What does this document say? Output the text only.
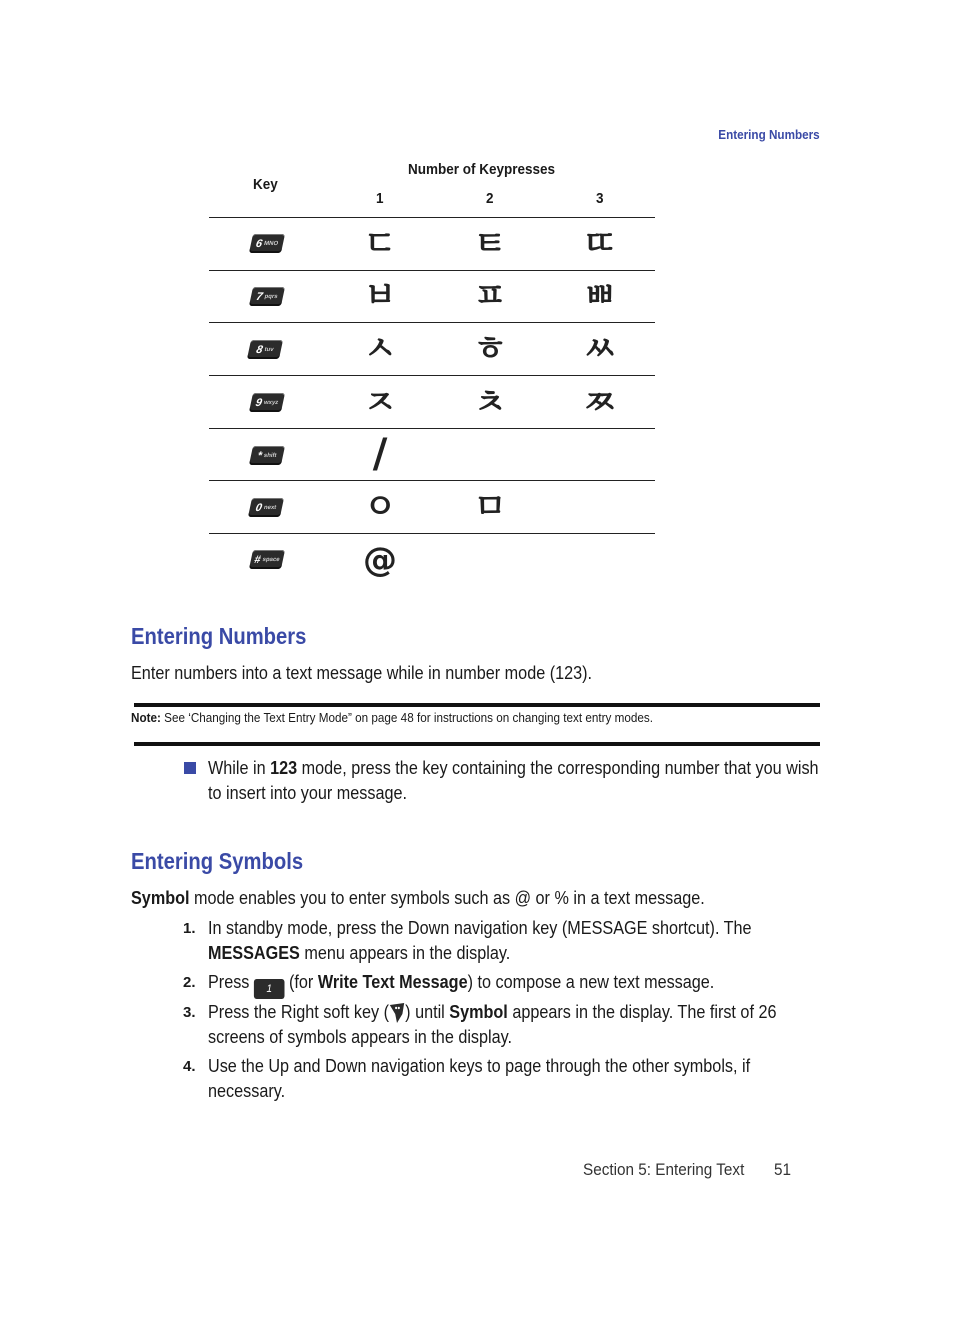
Entering Numbers
Key
Number of Keypresses
1	2	3
6 MNO ㄷ ㅌ ㄸ
7 pqrs	ㅂ ㅍ ㅃ
8 tuv	ㅅ ㅎ ㅆ
9 wxyz ㅈ ㅊ ㅉ
* shift	/
0 next	ㅇ ㅁ
# space @
Entering Numbers
Enter numbers into a text message while in number mode (123).
Note: See ‘Changing the Text Entry Mode” on page 48 for instructions on changing text entry modes.
While in 123 mode, press the key containing the corresponding number that you wish
to insert into your message.
Entering Symbols
Symbol mode enables you to enter symbols such as @ or % in a text message.
1. In standby mode, press the Down navigation key (MESSAGE shortcut). The
MESSAGES menu appears in the display.
2. Press 1 (for Write Text Message) to compose a new text message.
3. Press the Right soft key ( ) until Symbol appears in the display. The first of 26
screens of symbols appears in the display.
4. Use the Up and Down navigation keys to page through the other symbols, if
necessary.
Section 5: Entering Text 51
